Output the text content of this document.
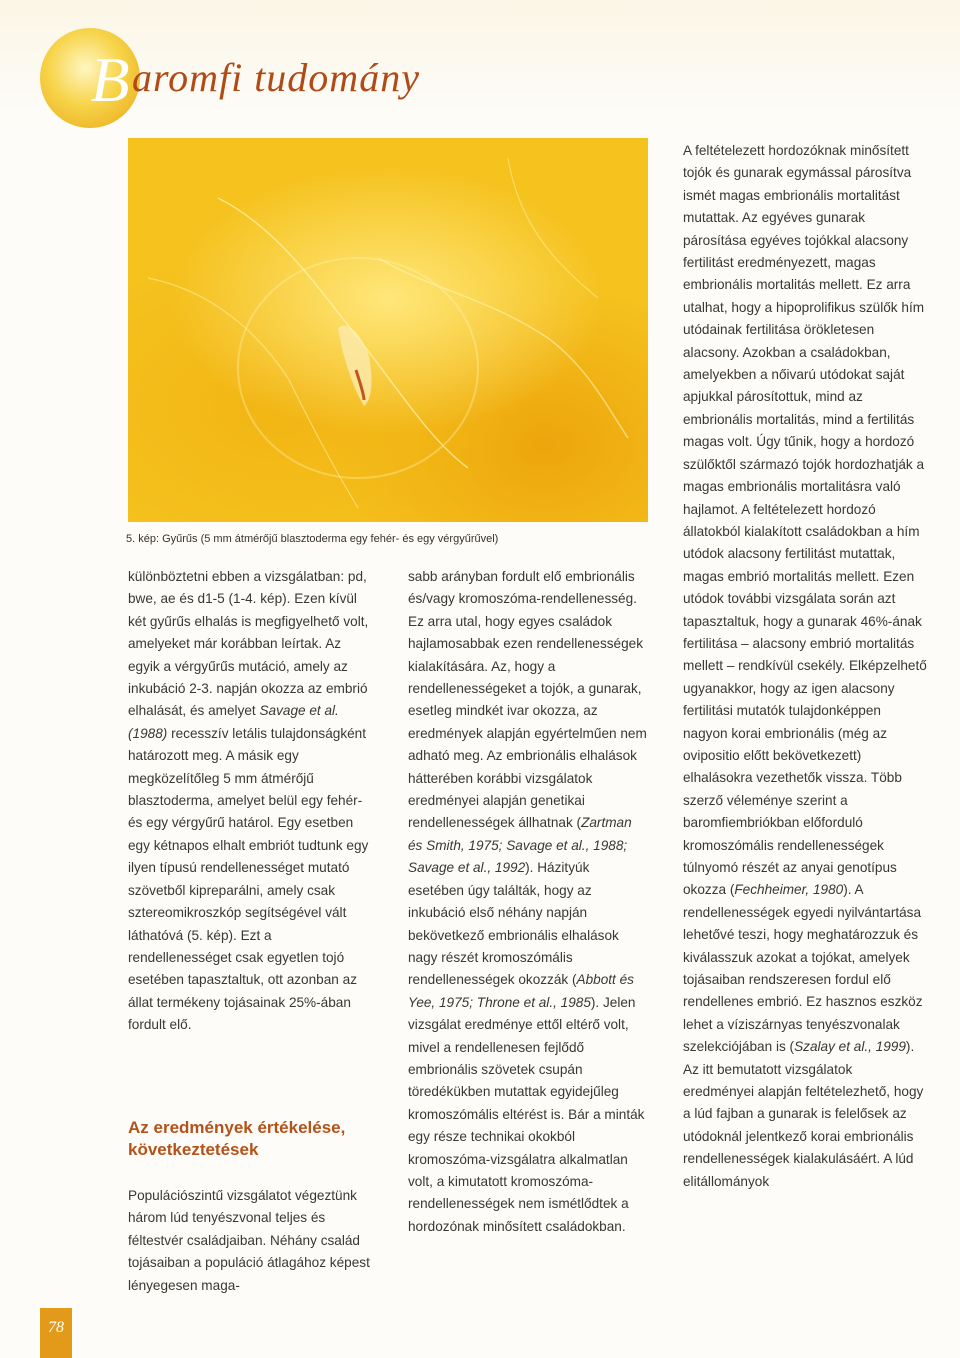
B aromfi tudomány
5. kép: Gyűrűs (5 mm átmérőjű blasztoderma egy fehér- és egy vérgyűrűvel)

különböztetni ebben a vizsgálatban: pd, bwe, ae és d1-5 (1-4. kép). Ezen kívül két gyűrűs elhalás is megfigyelhető volt, amelyeket már korábban leírtak. Az egyik a vérgyűrűs mutáció, amely az inkubáció 2-3. napján okozza az embrió elhalását, és amelyet Savage et al. (1988) recesszív letális tulajdonságként határozott meg. A másik egy megközelítőleg 5 mm átmérőjű blasztoderma, amelyet belül egy fehér- és egy vérgyűrű határol. Egy esetben egy kétnapos elhalt embriót tudtunk egy ilyen típusú rendellenességet mutató szövetből kipreparálni, amely csak sztereomikroszkóp segítségével vált láthatóvá (5. kép). Ezt a rendellenességet csak egyetlen tojó esetében tapasztaltuk, ott azonban az állat termékeny tojásainak 25%-ában fordult elő.

Az eredmények értékelése, következtetések

Populációszintű vizsgálatot végeztünk három lúd tenyészvonal teljes és féltestvér családjaiban. Néhány család tojásaiban a populáció átlagához képest lényegesen maga-

sabb arányban fordult elő embrionális és/vagy kromoszóma-rendellenesség. Ez arra utal, hogy egyes családok hajlamosabbak ezen rendellenességek kialakítására. Az, hogy a rendellenességeket a tojók, a gunarak, esetleg mindkét ivar okozza, az eredmények alapján egyértelműen nem adható meg. Az embrionális elhalások hátterében korábbi vizsgálatok eredményei alapján genetikai rendellenességek állhatnak (Zartman és Smith, 1975; Savage et al., 1988; Savage et al., 1992). Házityúk esetében úgy találták, hogy az inkubáció első néhány napján bekövetkező embrionális elhalások nagy részét kromoszómális rendellenességek okozzák (Abbott és Yee, 1975; Throne et al., 1985). Jelen vizsgálat eredménye ettől eltérő volt, mivel a rendellenesen fejlődő embrionális szövetek csupán töredékükben mutattak egyidejűleg kromoszómális eltérést is. Bár a minták egy része technikai okokból kromoszóma-vizsgálatra alkalmatlan volt, a kimutatott kromoszóma-rendellenességek nem ismétlődtek a hordozónak minősített családokban.

A feltételezett hordozóknak minősített tojók és gunarak egymással párosítva ismét magas embrionális mortalitást mutattak. Az egyéves gunarak párosítása egyéves tojókkal alacsony fertilitást eredményezett, magas embrionális mortalitás mellett. Ez arra utalhat, hogy a hipoprolifikus szülők hím utódainak fertilitása örökletesen alacsony. Azokban a családokban, amelyekben a nőivarú utódokat saját apjukkal párosítottuk, mind az embrionális mortalitás, mind a fertilitás magas volt. Úgy tűnik, hogy a hordozó szülőktől származó tojók hordozhatják a magas embrionális mortalitásra való hajlamot. A feltételezett hordozó állatokból kialakított családokban a hím utódok alacsony fertilitást mutattak, magas embrió mortalitás mellett. Ezen utódok további vizsgálata során azt tapasztaltuk, hogy a gunarak 46%-ának fertilitása – alacsony embrió mortalitás mellett – rendkívül csekély. Elképzelhető ugyanakkor, hogy az igen alacsony fertilitási mutatók tulajdonképpen nagyon korai embrionális (még az ovipositio előtt bekövetkezett) elhalásokra vezethetők vissza. Több szerző véleménye szerint a baromfiembriókban előforduló kromoszómális rendellenességek túlnyomó részét az anyai genotípus okozza (Fechheimer, 1980). A rendellenességek egyedi nyilvántartása lehetővé teszi, hogy meghatározzuk és kiválasszuk azokat a tojókat, amelyek tojásaiban rendszeresen fordul elő rendellenes embrió. Ez hasznos eszköz lehet a víziszárnyas tenyészvonalak szelekciójában is (Szalay et al., 1999). Az itt bemutatott vizsgálatok eredményei alapján feltételezhető, hogy a lúd fajban a gunarak is felelősek az utódoknál jelentkező korai embrionális rendellenességek kialakulásáért. A lúd elitállományok

78
